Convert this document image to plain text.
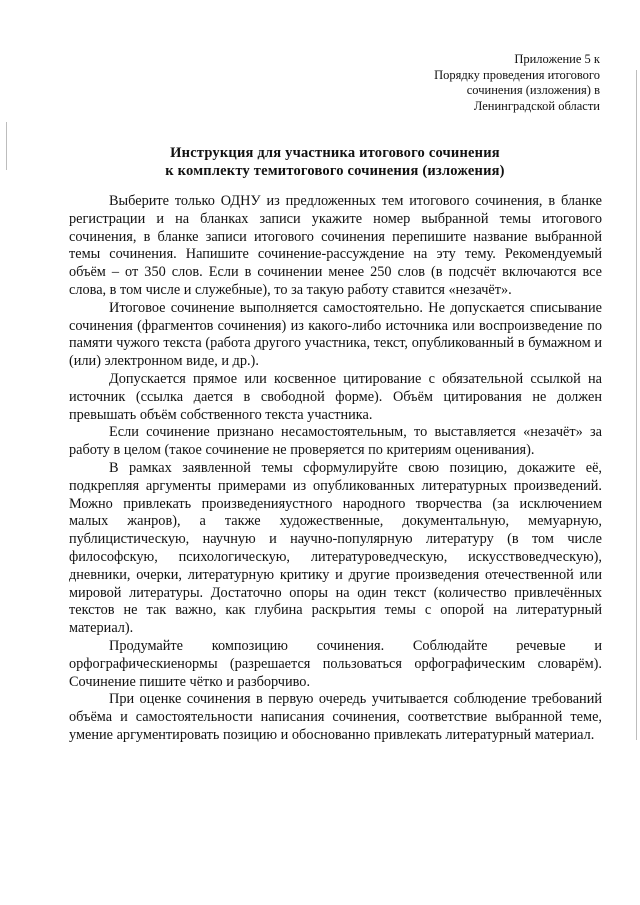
Приложение 5 к
Порядку проведения итогового
сочинения (изложения) в
Ленинградской области
Инструкция для участника итогового сочинения
к комплекту темитогового сочинения (изложения)

Выберите только ОДНУ из предложенных тем итогового сочинения, в бланке регистрации и на бланках записи укажите номер выбранной темы итогового сочинения, в бланке записи итогового сочинения перепишите название выбранной темы сочинения. Напишите сочинение-рассуждение на эту тему. Рекомендуемый объём – от 350 слов. Если в сочинении менее 250 слов (в подсчёт включаются все слова, в том числе и служебные), то за такую работу ставится «незачёт».

Итоговое сочинение выполняется самостоятельно. Не допускается списывание сочинения (фрагментов сочинения) из какого-либо источника или воспроизведение по памяти чужого текста (работа другого участника, текст, опубликованный в бумажном и (или) электронном виде, и др.).

Допускается прямое или косвенное цитирование с обязательной ссылкой на источник (ссылка дается в свободной форме). Объём цитирования не должен превышать объём собственного текста участника.

Если сочинение признано несамостоятельным, то выставляется «незачёт» за работу в целом (такое сочинение не проверяется по критериям оценивания).

В рамках заявленной темы сформулируйте свою позицию, докажите её, подкрепляя аргументы примерами из опубликованных литературных произведений. Можно привлекать произведенияустного народного творчества (за исключением малых жанров), а также художественные, документальную, мемуарную, публицистическую, научную и научно-популярную литературу (в том числе философскую, психологическую, литературоведческую, искусствоведческую), дневники, очерки, литературную критику и другие произведения отечественной или мировой литературы. Достаточно опоры на один текст (количество привлечённых текстов не так важно, как глубина раскрытия темы с опорой на литературный материал).

Продумайте композицию сочинения. Соблюдайте речевые и орфографическиенормы (разрешается пользоваться орфографическим словарём). Сочинение пишите чётко и разборчиво.

При оценке сочинения в первую очередь учитывается соблюдение требований объёма и самостоятельности написания сочинения, соответствие выбранной теме, умение аргументировать позицию и обоснованно привлекать литературный материал.
